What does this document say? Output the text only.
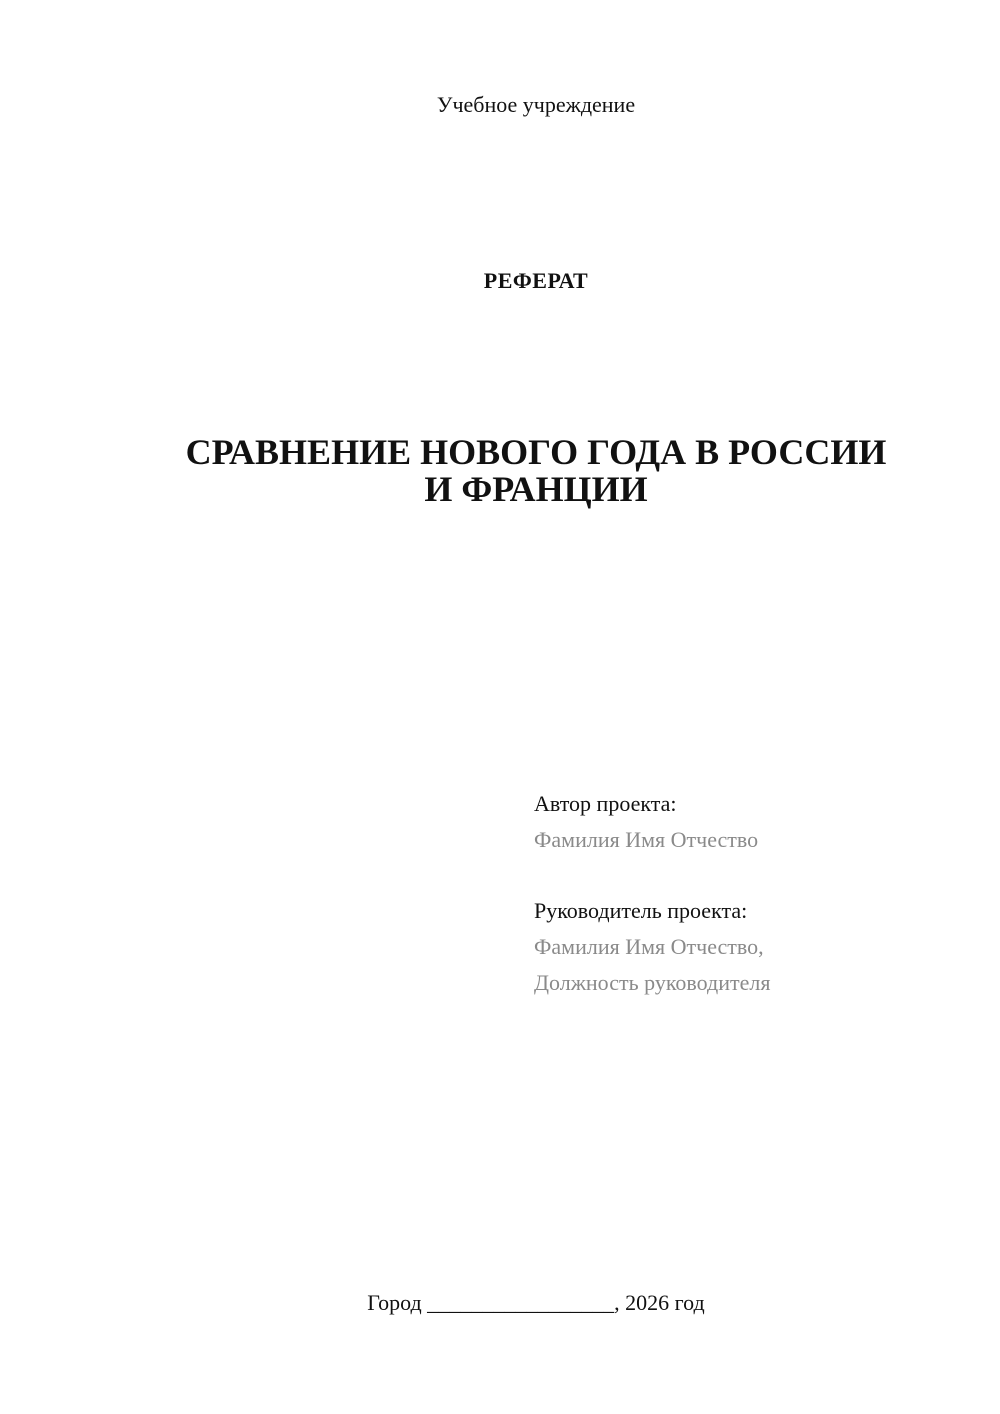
Учебное учреждение
РЕФЕРАТ
СРАВНЕНИЕ НОВОГО ГОДА В РОССИИ
И ФРАНЦИИ
Автор проекта:
Фамилия Имя Отчество
Руководитель проекта:
Фамилия Имя Отчество,
Должность руководителя
Город _________________, 2026 год
